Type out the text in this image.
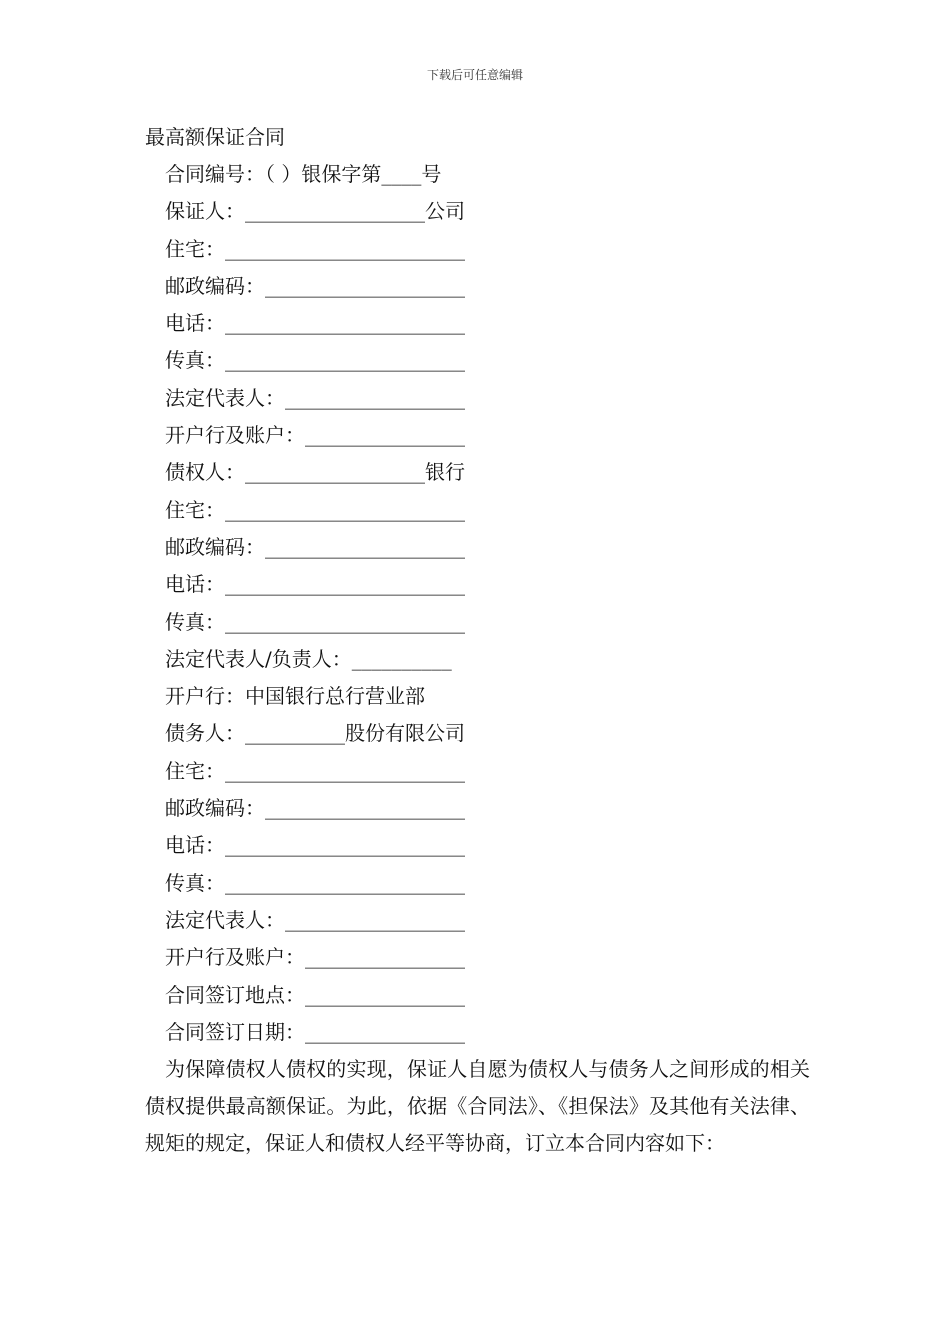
下载后可任意编辑
最高额保证合同
合同编号：（ ）银保字第____号
保证人：__________________公司
住宅：________________________
邮政编码：____________________
电话：________________________
传真：________________________
法定代表人：__________________
开户行及账户：________________
债权人：__________________银行
住宅：________________________
邮政编码：____________________
电话：________________________
传真：________________________
法定代表人/负责人：__________
开户行：中国银行总行营业部
债务人：__________股份有限公司
住宅：________________________
邮政编码：____________________
电话：________________________
传真：________________________
法定代表人：__________________
开户行及账户：________________
合同签订地点：________________
合同签订日期：________________

为保障债权人债权的实现，保证人自愿为债权人与债务人之间形成的相关债权提供最高额保证。为此，依据《合同法》、《担保法》及其他有关法律、规矩的规定，保证人和债权人经平等协商，订立本合同内容如下：
